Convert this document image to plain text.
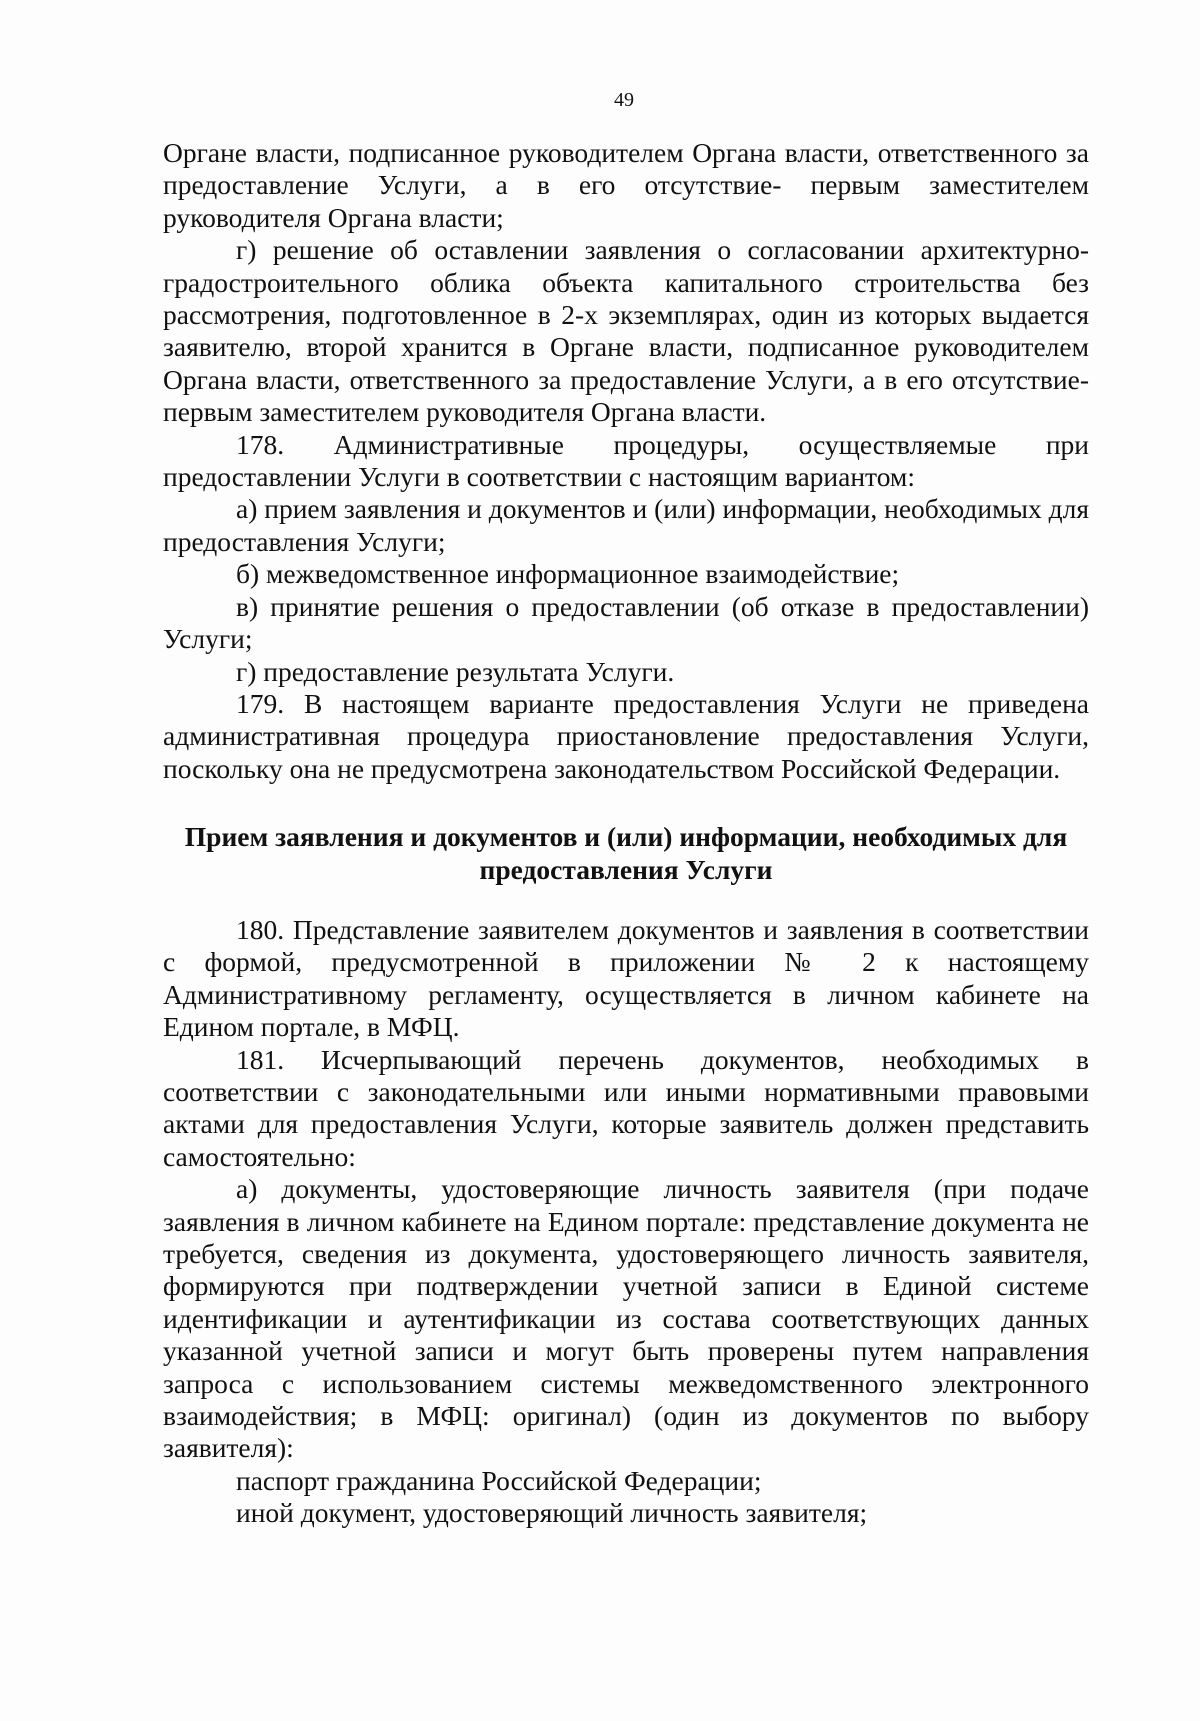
49

Органе власти, подписанное руководителем Органа власти, ответственного за предоставление Услуги, а в его отсутствие- первым заместителем руководителя Органа власти;

г) решение об оставлении заявления о согласовании архитектурно-градостроительного облика объекта капитального строительства без рассмотрения, подготовленное в 2-х экземплярах, один из которых выдается заявителю, второй хранится в Органе власти, подписанное руководителем Органа власти, ответственного за предоставление Услуги, а в его отсутствие- первым заместителем руководителя Органа власти.

178. Административные процедуры, осуществляемые при предоставлении Услуги в соответствии с настоящим вариантом:

а) прием заявления и документов и (или) информации, необходимых для предоставления Услуги;

б) межведомственное информационное взаимодействие;

в) принятие решения о предоставлении (об отказе в предоставлении) Услуги;

г) предоставление результата Услуги.

179. В настоящем варианте предоставления Услуги не приведена административная процедура приостановление предоставления Услуги, поскольку она не предусмотрена законодательством Российской Федерации.

Прием заявления и документов и (или) информации, необходимых для
предоставления Услуги

180. Представление заявителем документов и заявления в соответствии с формой, предусмотренной в приложении № 2 к настоящему Административному регламенту, осуществляется в личном кабинете на Едином портале, в МФЦ.

181. Исчерпывающий перечень документов, необходимых в соответствии с законодательными или иными нормативными правовыми актами для предоставления Услуги, которые заявитель должен представить самостоятельно:

а) документы, удостоверяющие личность заявителя (при подаче заявления в личном кабинете на Едином портале: представление документа не требуется, сведения из документа, удостоверяющего личность заявителя, формируются при подтверждении учетной записи в Единой системе идентификации и аутентификации из состава соответствующих данных указанной учетной записи и могут быть проверены путем направления запроса с использованием системы межведомственного электронного взаимодействия; в МФЦ: оригинал) (один из документов по выбору заявителя):

паспорт гражданина Российской Федерации;

иной документ, удостоверяющий личность заявителя;
